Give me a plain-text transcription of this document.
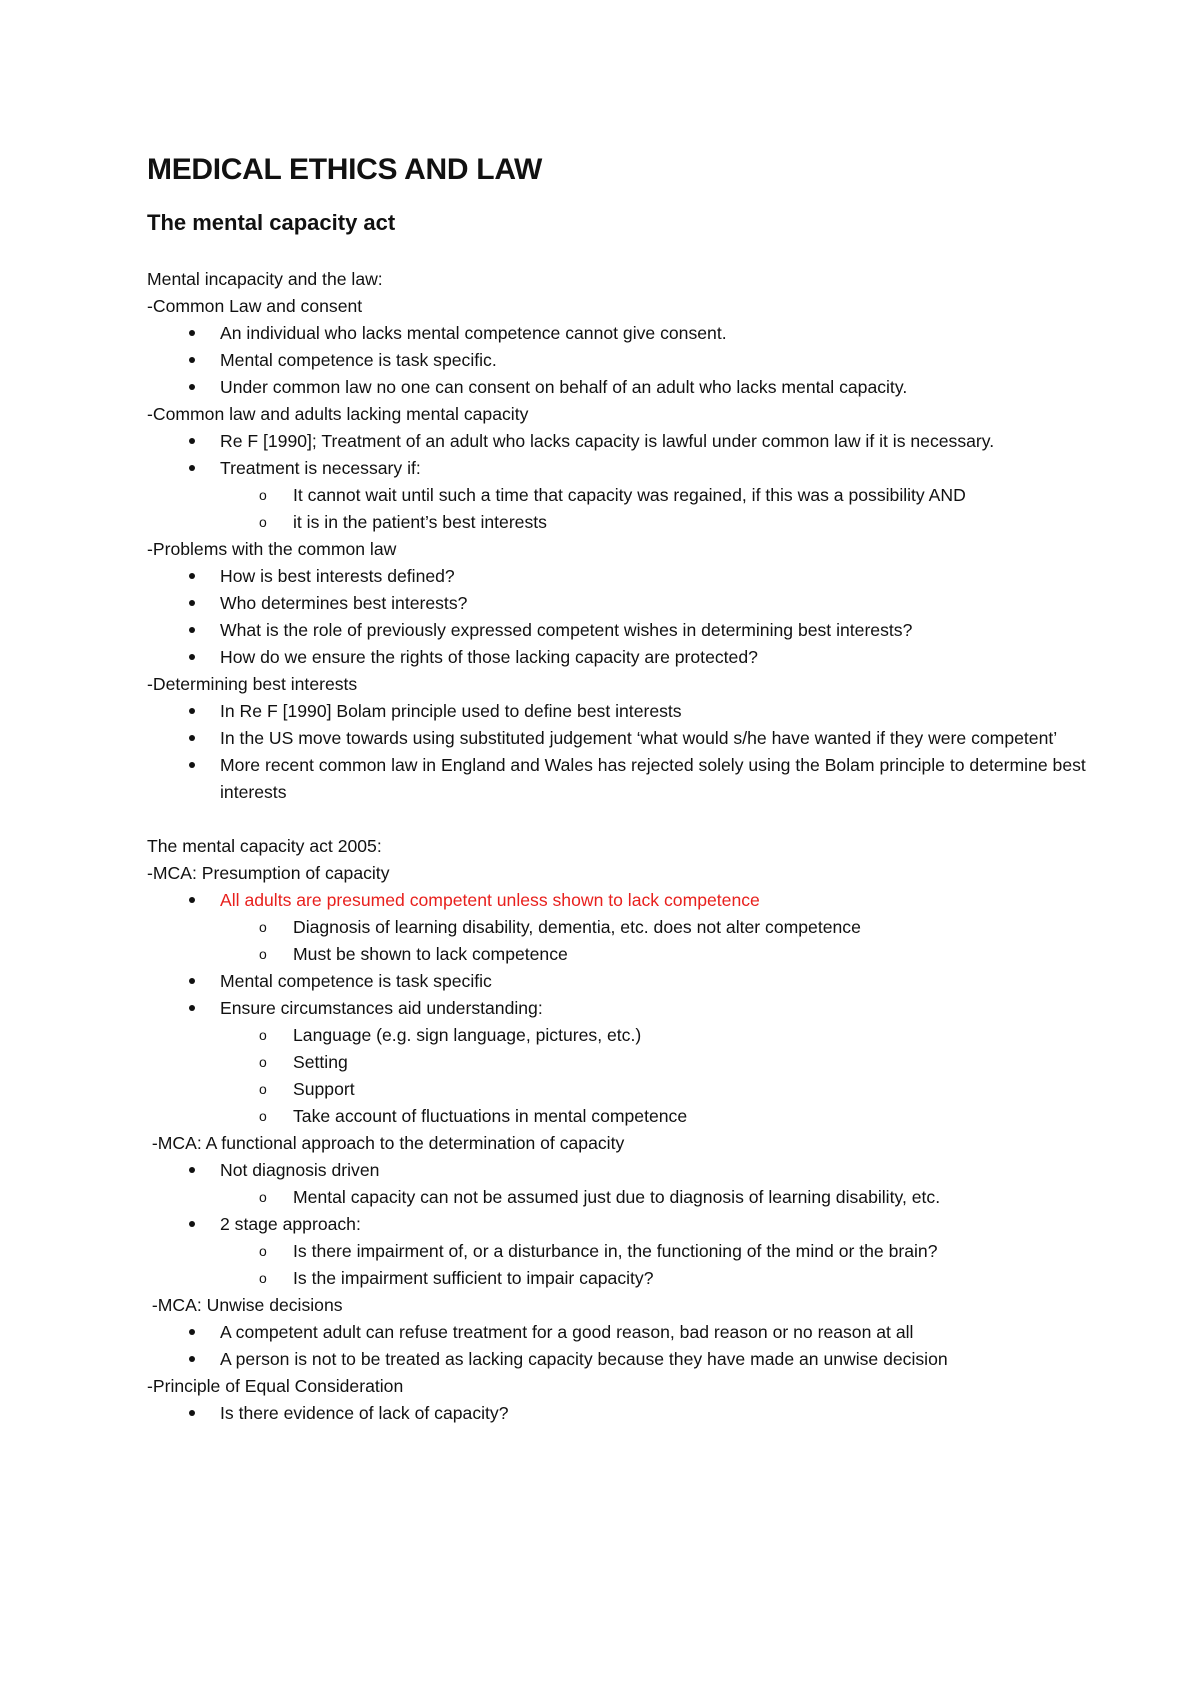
MEDICAL ETHICS AND LAW
The mental capacity act
Mental incapacity and the law:
-Common Law and consent
An individual who lacks mental competence cannot give consent.
Mental competence is task specific.
Under common law no one can consent on behalf of an adult who lacks mental capacity.
-Common law and adults lacking mental capacity
Re F [1990]; Treatment of an adult who lacks capacity is lawful under common law if it is necessary.
Treatment is necessary if:
o It cannot wait until such a time that capacity was regained, if this was a possibility AND
o it is in the patient’s best interests
-Problems with the common law
How is best interests defined?
Who determines best interests?
What is the role of previously expressed competent wishes in determining best interests?
How do we ensure the rights of those lacking capacity are protected?
-Determining best interests
In Re F [1990] Bolam principle used to define best interests
In the US move towards using substituted judgement ‘what would s/he have wanted if they were competent’
More recent common law in England and Wales has rejected solely using the Bolam principle to determine best interests
The mental capacity act 2005:
-MCA: Presumption of capacity
All adults are presumed competent unless shown to lack competence
o Diagnosis of learning disability, dementia, etc. does not alter competence
o Must be shown to lack competence
Mental competence is task specific
Ensure circumstances aid understanding:
o Language (e.g. sign language, pictures, etc.)
o Setting
o Support
o Take account of fluctuations in mental competence
-MCA: A functional approach to the determination of capacity
Not diagnosis driven
o Mental capacity can not be assumed just due to diagnosis of learning disability, etc.
2 stage approach:
o Is there impairment of, or a disturbance in, the functioning of the mind or the brain?
o Is the impairment sufficient to impair capacity?
-MCA: Unwise decisions
A competent adult can refuse treatment for a good reason, bad reason or no reason at all
A person is not to be treated as lacking capacity because they have made an unwise decision
-Principle of Equal Consideration
Is there evidence of lack of capacity?
